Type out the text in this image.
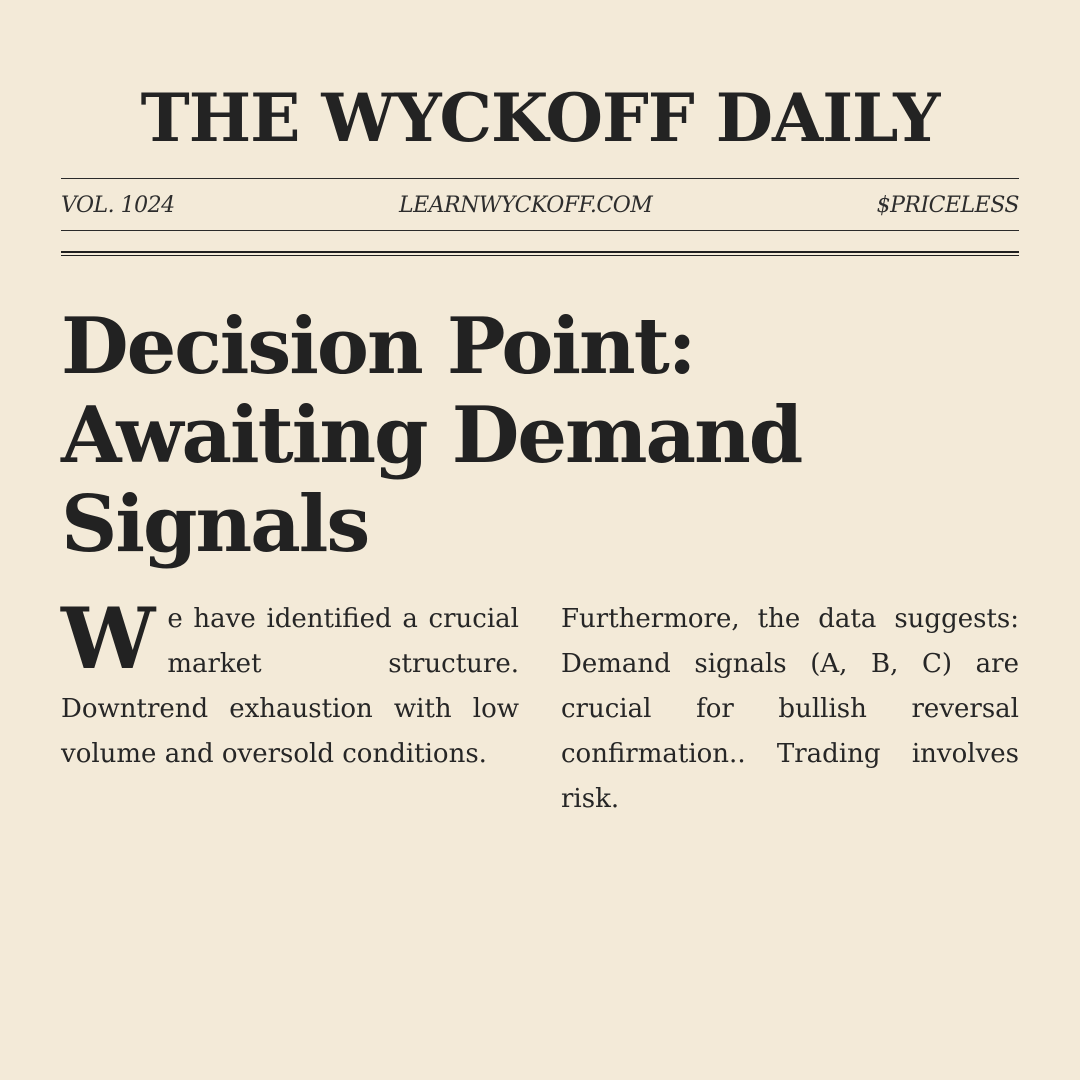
THE WYCKOFF DAILY
VOL. 1024	LEARNWYCKOFF.COM	$PRICELESS
Decision Point: Awaiting Demand Signals

We have identified a crucial market structure. Downtrend exhaustion with low volume and oversold conditions.

Furthermore, the data suggests: Demand signals (A, B, C) are crucial for bullish reversal confirmation.. Trading involves risk.
